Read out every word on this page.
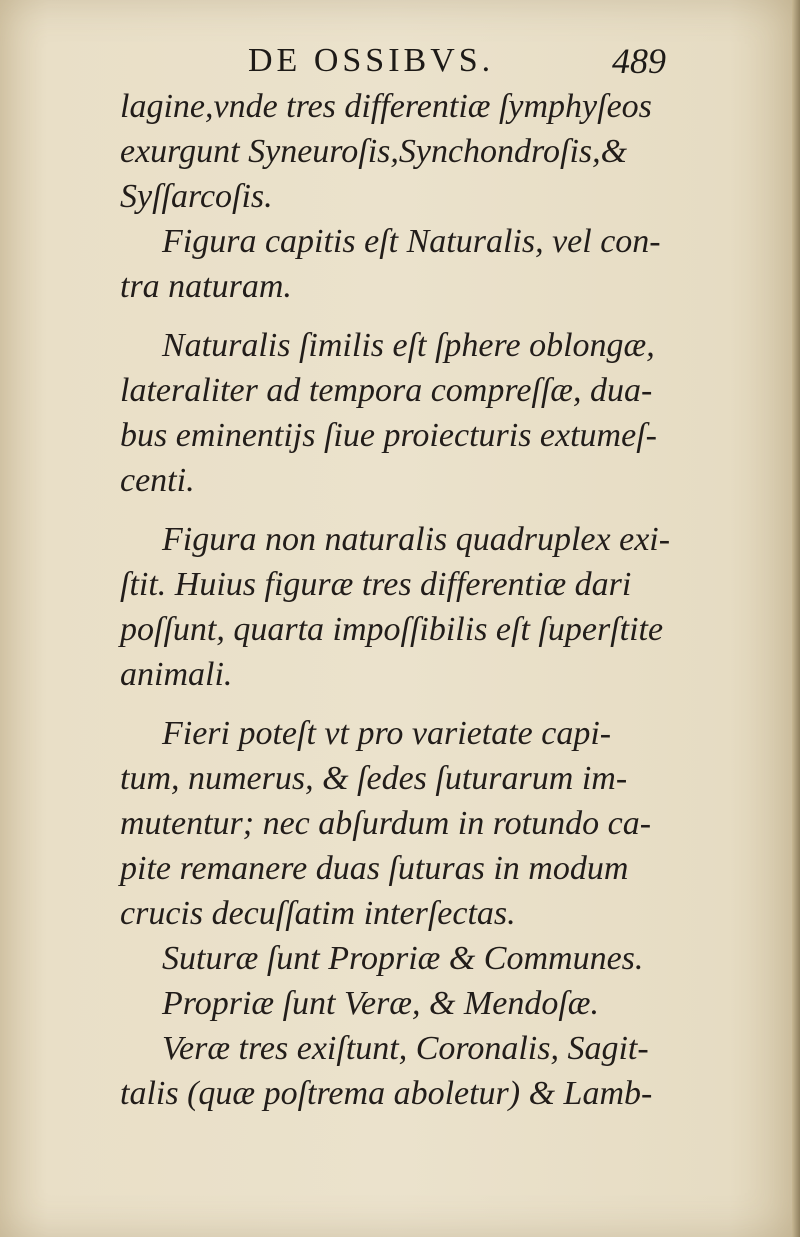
DE OSSIBVS.	489
lagine,vnde tres differentiæ ſymphyſeos
exurgunt Syneuroſis,Synchondroſis,&
Syſſarcoſis.
Figura capitis eſt Naturalis, vel con-
tra naturam.
Naturalis ſimilis eſt ſphere oblongæ,
lateraliter ad tempora compreſſæ, dua-
bus eminentijs ſiue proiecturis extumeſ-
centi.
Figura non naturalis quadruplex exi-
ſtit. Huius figuræ tres differentiæ dari
poſſunt, quarta impoſſibilis eſt ſuperſtite
animali.
Fieri poteſt vt pro varietate capi-
tum, numerus, & ſedes ſuturarum im-
mutentur; nec abſurdum in rotundo ca-
pite remanere duas ſuturas in modum
crucis decuſſatim interſectas.
Suturæ ſunt Propriæ & Communes.
Propriæ ſunt Veræ, & Mendoſæ.
Veræ tres exiſtunt, Coronalis, Sagit-
talis (quæ poſtrema aboletur) & Lamb-
